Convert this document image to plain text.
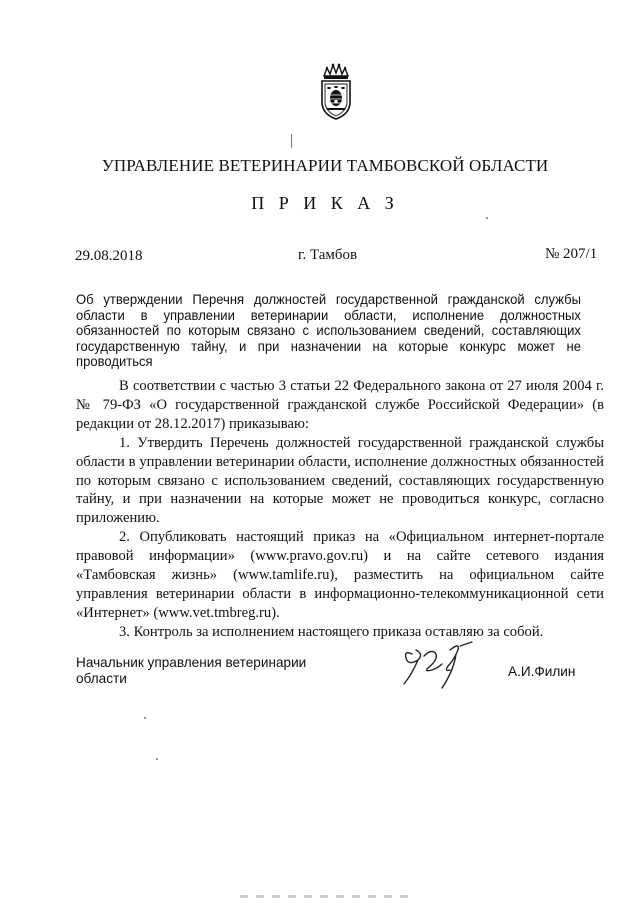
УПРАВЛЕНИЕ ВЕТЕРИНАРИИ ТАМБОВСКОЙ ОБЛАСТИ
П Р И К А З
29.08.2018	г. Тамбов	№ 207/1
Об утверждении Перечня должностей государственной гражданской службы области в управлении ветеринарии области, исполнение должностных обязанностей по которым связано с использованием сведений, составляющих государственную тайну, и при назначении на которые конкурс может не проводиться

В соответствии с частью 3 статьи 22 Федерального закона от 27 июля 2004 г. № 79-ФЗ «О государственной гражданской службе Российской Федерации» (в редакции от 28.12.2017) приказываю:

1. Утвердить Перечень должностей государственной гражданской службы области в управлении ветеринарии области, исполнение должностных обязанностей по которым связано с использованием сведений, составляющих государственную тайну, и при назначении на которые может не проводиться конкурс, согласно приложению.

2. Опубликовать настоящий приказ на «Официальном интернет-портале правовой информации» (www.pravo.gov.ru) и на сайте сетевого издания «Тамбовская жизнь» (www.tamlife.ru), разместить на официальном сайте управления ветеринарии области в информационно-телекоммуникационной сети «Интернет» (www.vet.tmbreg.ru).

3. Контроль за исполнением настоящего приказа оставляю за собой.

Начальник управления ветеринарии области	А.И.Филин
